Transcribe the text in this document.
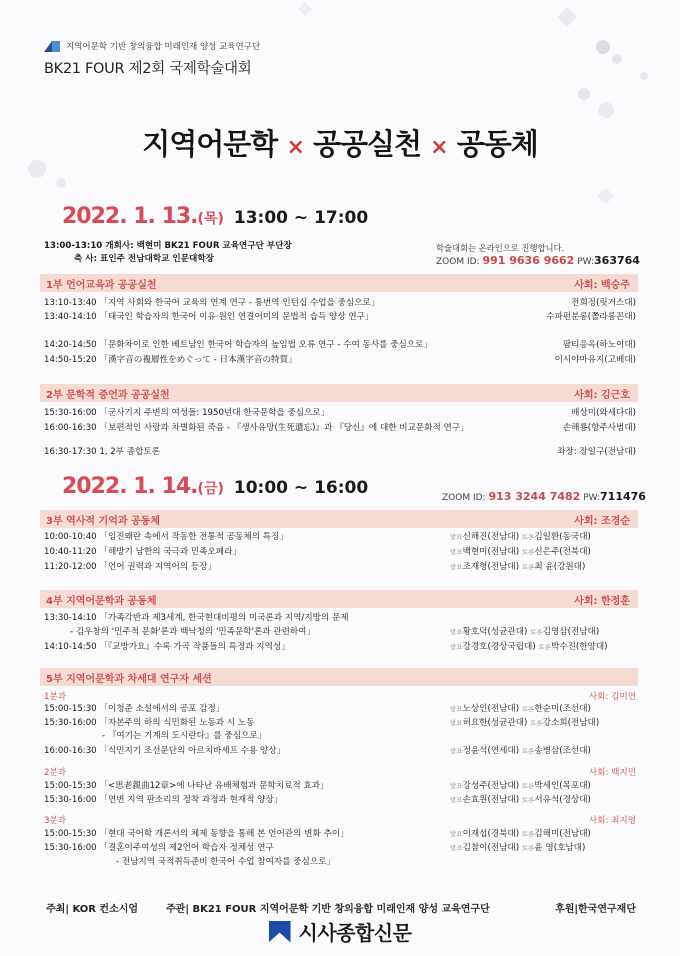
지역어문학 기반 창의융합 미래인재 양성 교육연구단
BK21 FOUR 제2회 국제학술대회
지역어문학 × 공공실천 × 공동체
2022. 1. 13.(목) 13:00 ~ 17:00
13:00-13:10 개회사: 백현미 BK21 FOUR 교육연구단 부단장
축 사: 표인주 전남대학교 인문대학장
학술대회는 온라인으로 진행합니다.
ZOOM ID: 991 9636 9662 PW:363764
1부 언어교육과 공공실천	사회: 백승주
13:10-13:40 「지역 사회와 한국어 교육의 연계 연구 - 통번역 인턴십 수업을 중심으로」	전희정(릿거스대)
13:40-14:10 「태국인 학습자의 한국어 이유·원인 연결어미의 문법적 습득 양상 연구」	수파펀분롱(쫄라롱꼰대)
14:20-14:50 「문화차이로 인한 베트남인 한국어 학습자의 높임법 오류 연구 - 수여 동사를 중심으로」	팜티응옥(하노이대)
14:50-15:20 「漢字音の複層性をめぐって - 日本漢字音の特質」	이시야마유지(고베대)
2부 문학적 증언과 공공실천	사회: 김근호
15:30-16:00 「군사기지 주변의 여성들: 1950년대 한국문학을 중심으로」	배상미(와세다대)
16:00-16:30 「보편적인 사랑과 차별화된 죽음 - 『생사유망(生死遺忘)』과 『당신』에 대한 비교문화적 연구」	손해룡(항주사범대)
16:30-17:30 1, 2부 종합토론	좌장: 장일구(전남대)
2022. 1. 14.(금) 10:00 ~ 16:00	ZOOM ID: 913 3244 7482 PW:711476
3부 역사적 기억과 공동체	사회: 조경순
10:00-10:40 「임진왜란 속에서 작동한 전통적 공동체의 특징」	발표신해진(전남대) 토론김일환(동국대)
10:40-11:20 「해방기 남한의 국극과 민족오페라」	발표백현미(전남대) 토론신은주(전북대)
11:20-12:00 「언어 권력과 지역어의 등장」	발표조재형(전남대) 토론최 윤(강원대)
4부 지역어문학과 공동체	사회: 한정훈
13:30-14:10 「가족각반과 제3세계, 한국현대비평의 미국론과 지역/지방의 문제
- 김우창의 '민주적 문화'론과 백낙청의 '민족문학'론과 관련하여」	발표황호덕(성균관대) 토론김영삼(전남대)
14:10-14:50 「『교방가요』수록 가곡 작품들의 특징과 지역성」	발표강경호(경상국립대) 토론박수진(한양대)
5부 지역어문학과 차세대 연구자 세션
1분과	사회: 김미연
15:00-15:30 「이청준 소설에서의 공포 감정」	발표노상인(전남대) 토론한순미(조선대)
15:30-16:00 「자본주의 하의 식민화된 노동과 시 노동	발표허요한(성균관대) 토론강소희(전남대)
- 『여기는 기계의 도시란다』를 중심으로」
16:00-16:30 「식민지기 조선문단의 아르치바셰프 수용 양상」	발표정윤석(연세대) 토론송병삼(조선대)
2분과	사회: 백지민
15:00-15:30 「<思老親曲12章>에 나타난 유배체험과 문학치료적 효과」	발표강성주(전남대) 토론박세인(목포대)
15:30-16:00 「연변 지역 판소리의 정착 과정과 현재적 양상」	발표손효원(전남대) 토론서유석(경상대)
3분과	사회: 최지영
15:00-15:30 「현대 국어학 개론서의 체제 동향을 통해 본 언어관의 변화 추이」	발표이재섭(경북대) 토론김해미(전남대)
15:30-16:00 「결혼이주여성의 제2언어 학습자 정체성 연구	발표김참이(전남대) 토론윤 영(호남대)
- 전남지역 국적취득준비 한국어 수업 참여자를 중심으로」
주최| KOR 컨소시엄	주관| BK21 FOUR 지역어문학 기반 창의융합 미래인재 양성 교육연구단	후원|한국연구재단
시사종합신문
